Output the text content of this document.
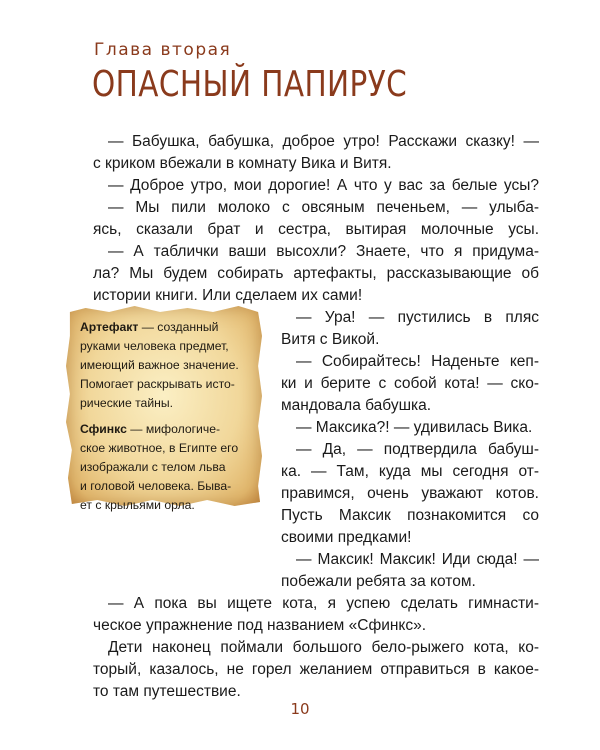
Глава вторая
ОПАСНЫЙ ПАПИРУС
— Бабушка, бабушка, доброе утро! Расскажи сказку! —
с криком вбежали в комнату Вика и Витя.
— Доброе утро, мои дорогие! А что у вас за белые усы?
— Мы пили молоко с овсяным печеньем, — улыба-
ясь, сказали брат и сестра, вытирая молочные усы.
— А таблички ваши высохли? Знаете, что я придума-
ла? Мы будем собирать артефакты, рассказывающие об
истории книги. Или сделаем их сами!
— Ура! — пустились в пляс
Витя с Викой.
— Собирайтесь! Наденьте кеп-
ки и берите с собой кота! — ско-
мандовала бабушка.
— Максика?! — удивилась Вика.
— Да, — подтвердила бабуш-
ка. — Там, куда мы сегодня от-
правимся, очень уважают котов.
Пусть Максик познакомится со
своими предками!
— Максик! Максик! Иди сюда! —
побежали ребята за котом.
— А пока вы ищете кота, я успею сделать гимнасти-
ческое упражнение под названием «Сфинкс».
Дети наконец поймали большого бело-рыжего кота, ко-
торый, казалось, не горел желанием отправиться в какое-
то там путешествие.
Артефакт — созданный
руками человека предмет,
имеющий важное значение.
Помогает раскрывать исто-
рические тайны.
Сфинкс — мифологиче-
ское животное, в Египте его
изображали с телом льва
и головой человека. Быва-
ет с крыльями орла.
10
